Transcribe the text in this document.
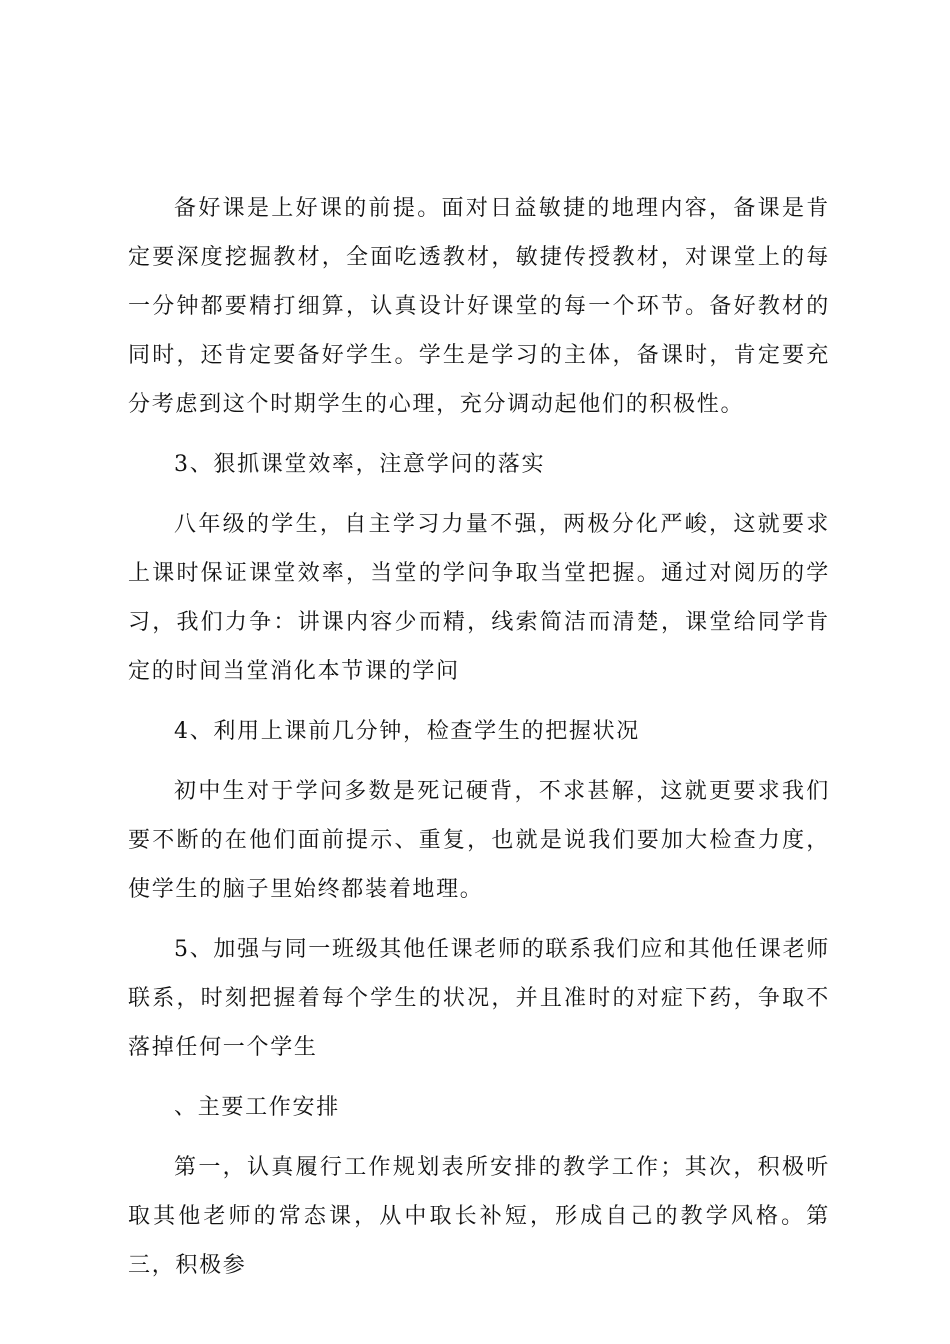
备好课是上好课的前提。面对日益敏捷的地理内容，备课是肯定要深度挖掘教材，全面吃透教材，敏捷传授教材，对课堂上的每一分钟都要精打细算，认真设计好课堂的每一个环节。备好教材的同时，还肯定要备好学生。学生是学习的主体，备课时，肯定要充分考虑到这个时期学生的心理，充分调动起他们的积极性。

3、狠抓课堂效率，注意学问的落实

八年级的学生，自主学习力量不强，两极分化严峻，这就要求上课时保证课堂效率，当堂的学问争取当堂把握。通过对阅历的学习，我们力争：讲课内容少而精，线索简洁而清楚，课堂给同学肯定的时间当堂消化本节课的学问

4、利用上课前几分钟，检查学生的把握状况

初中生对于学问多数是死记硬背，不求甚解，这就更要求我们要不断的在他们面前提示、重复，也就是说我们要加大检查力度，使学生的脑子里始终都装着地理。

5、加强与同一班级其他任课老师的联系我们应和其他任课老师联系，时刻把握着每个学生的状况，并且准时的对症下药，争取不落掉任何一个学生

、主要工作安排

第一，认真履行工作规划表所安排的教学工作；其次，积极听取其他老师的常态课，从中取长补短，形成自己的教学风格。第三，积极参
